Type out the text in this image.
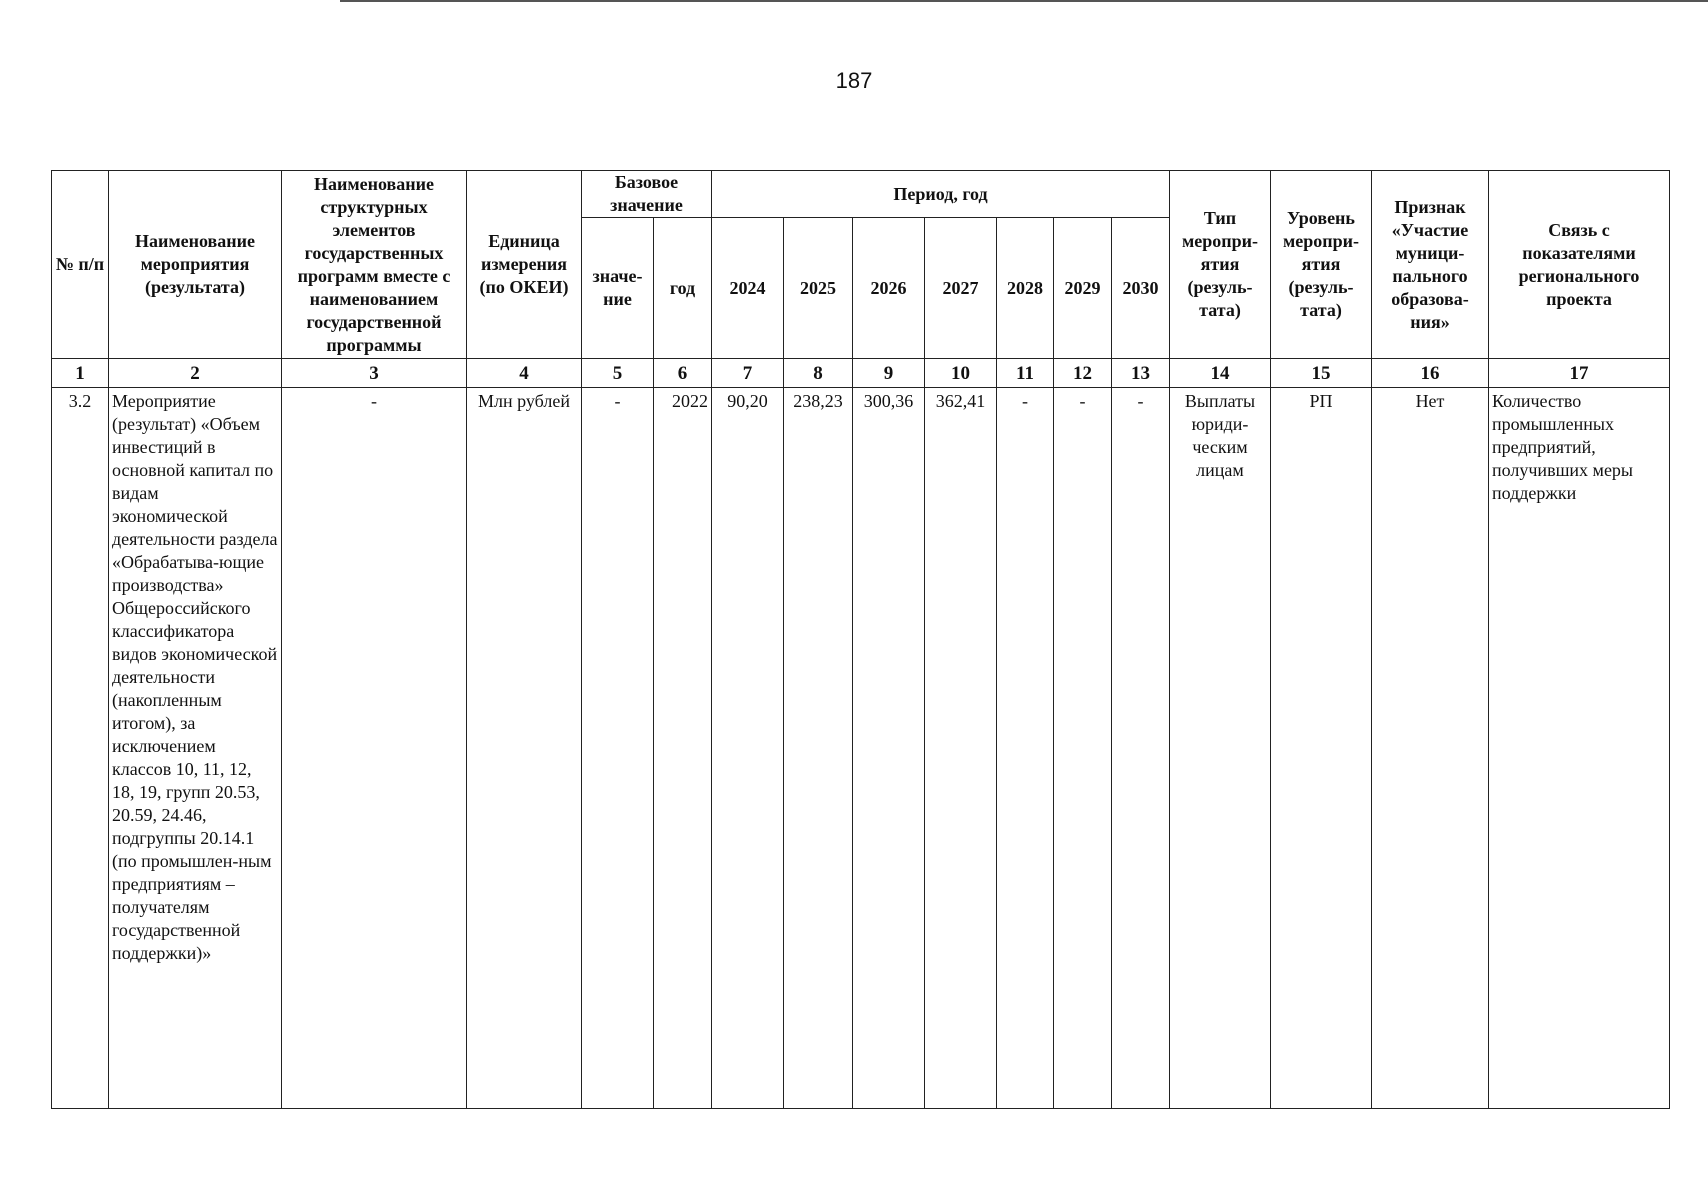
187
№ п/п	Наименование мероприятия (результата)	Наименование структурных элементов государственных программ вместе с наименованием государственной программы	Единица измерения (по ОКЕИ)	Базовое значение		Период, год							Тип меропри-ятия (резуль-тата)	Уровень меропри-ятия (резуль-тата)	Признак «Участие муници-пального образова-ния»	Связь с показателями регионального проекта
				значе-ние	год	2024	2025	2026	2027	2028	2029	2030				
1	2	3	4	5	6	7	8	9	10	11	12	13	14	15	16	17
3.2	Мероприятие (результат) «Объем инвестиций в основной капитал по видам экономической деятельности раздела «Обрабатыва-ющие производства» Общероссийского классификатора видов экономической деятельности (накопленным итогом), за исключением классов 10, 11, 12, 18, 19, групп 20.53, 20.59, 24.46, подгруппы 20.14.1 (по промышлен-ным предприятиям – получателям государственной поддержки)»	-	Млн рублей	-	2022	90,20	238,23	300,36	362,41	-	-	-	Выплаты юриди-ческим лицам	РП	Нет	Количество промышленных предприятий, получивших меры поддержки
